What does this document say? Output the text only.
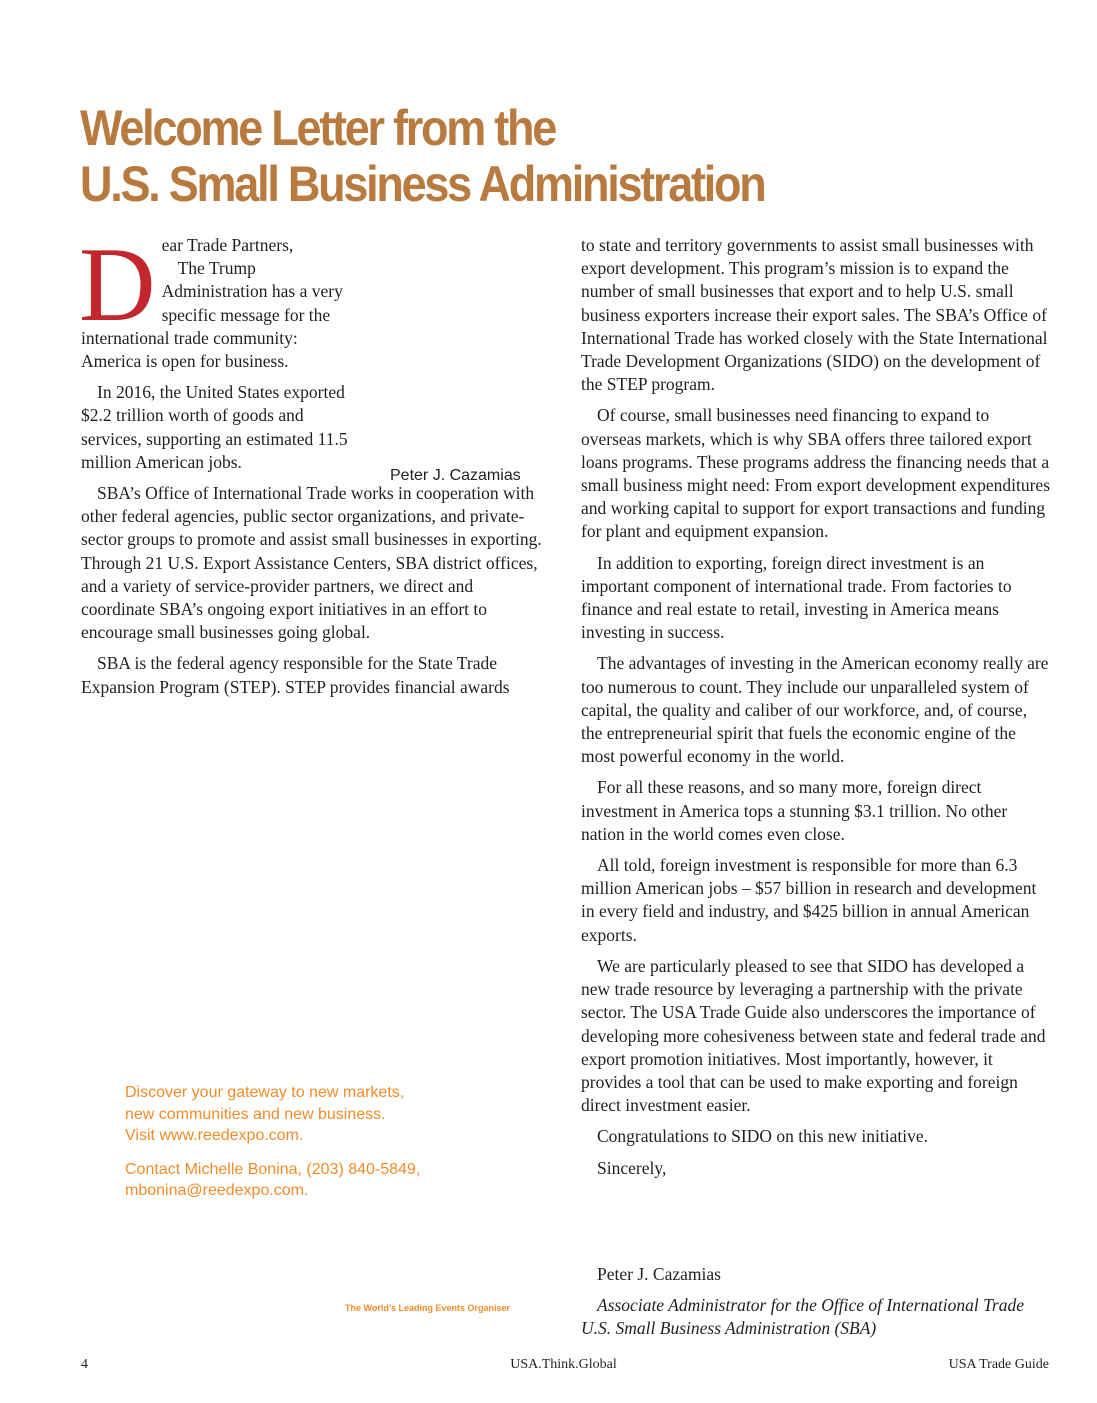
Welcome Letter from the
U.S. Small Business Administration

Dear Trade Partners,

The Trump Administration has a very specific message for the international trade community: America is open for business.

In 2016, the United States exported $2.2 trillion worth of goods and services, supporting an estimated 11.5 million American jobs.

SBA’s Office of International Trade works in cooperation with other federal agencies, public sector organizations, and private-sector groups to promote and assist small businesses in exporting. Through 21 U.S. Export Assistance Centers, SBA district offices, and a variety of service-provider partners, we direct and coordinate SBA’s ongoing export initiatives in an effort to encourage small businesses going global.

SBA is the federal agency responsible for the State Trade Expansion Program (STEP). STEP provides financial awards

Peter J. Cazamias

to state and territory governments to assist small businesses with export development. This program’s mission is to expand the number of small businesses that export and to help U.S. small business exporters increase their export sales. The SBA’s Office of International Trade has worked closely with the State International Trade Development Organizations (SIDO) on the development of the STEP program.

Of course, small businesses need financing to expand to overseas markets, which is why SBA offers three tailored export loans programs. These programs address the financing needs that a small business might need: From export development expenditures and working capital to support for export transactions and funding for plant and equipment expansion.

In addition to exporting, foreign direct investment is an important component of international trade. From factories to finance and real estate to retail, investing in America means investing in success.

The advantages of investing in the American economy really are too numerous to count. They include our unparalleled system of capital, the quality and caliber of our workforce, and, of course, the entrepreneurial spirit that fuels the economic engine of the most powerful economy in the world.

For all these reasons, and so many more, foreign direct investment in America tops a stunning $3.1 trillion. No other nation in the world comes even close.

All told, foreign investment is responsible for more than 6.3 million American jobs – $57 billion in research and development in every field and industry, and $425 billion in annual American exports.

We are particularly pleased to see that SIDO has developed a new trade resource by leveraging a partnership with the private sector. The USA Trade Guide also underscores the importance of developing more cohesiveness between state and federal trade and export promotion initiatives. Most importantly, however, it provides a tool that can be used to make exporting and foreign direct investment easier.

Congratulations to SIDO on this new initiative.

Sincerely,

Discover your gateway to new markets,
new communities and new business.
Visit www.reedexpo.com.

Contact Michelle Bonina, (203) 840-5849,
mbonina@reedexpo.com.

The World’s Leading Events Organiser

Peter J. Cazamias

Associate Administrator for the Office of International Trade
U.S. Small Business Administration (SBA)

4	USA.Think.Global	USA Trade Guide
